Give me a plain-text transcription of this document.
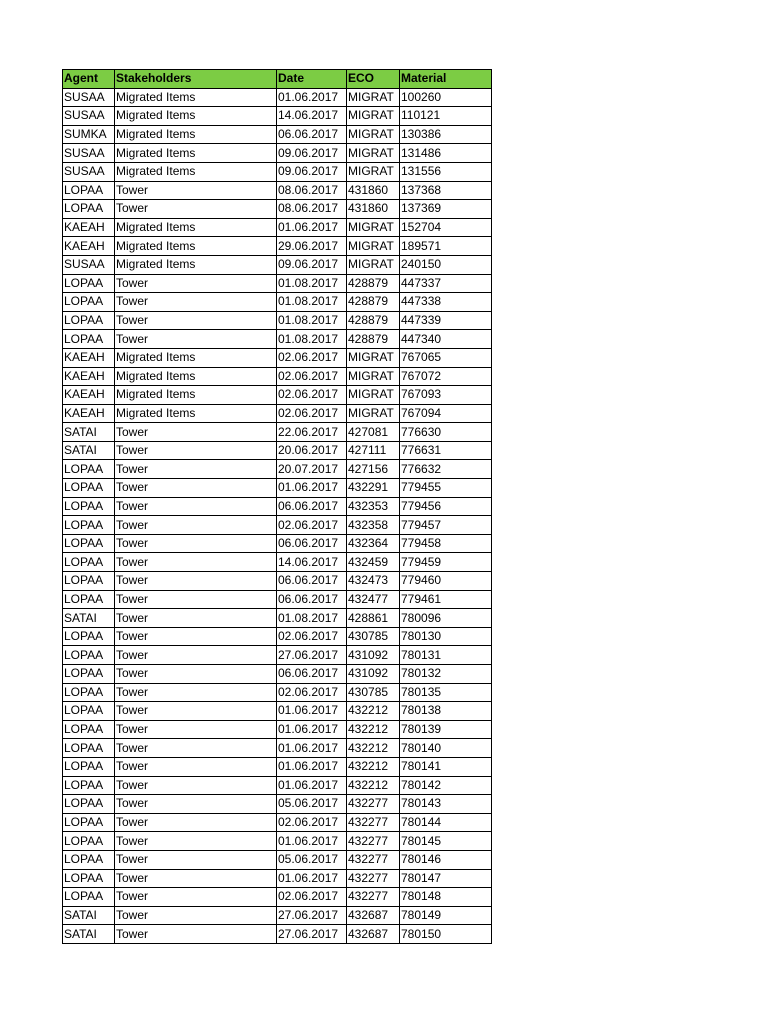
Agent	Stakeholders	Date	ECO	Material
SUSAA	Migrated Items	01.06.2017	MIGRAT	100260
SUSAA	Migrated Items	14.06.2017	MIGRAT	110121
SUMKA	Migrated Items	06.06.2017	MIGRAT	130386
SUSAA	Migrated Items	09.06.2017	MIGRAT	131486
SUSAA	Migrated Items	09.06.2017	MIGRAT	131556
LOPAA	Tower	08.06.2017	431860	137368
LOPAA	Tower	08.06.2017	431860	137369
KAEAH	Migrated Items	01.06.2017	MIGRAT	152704
KAEAH	Migrated Items	29.06.2017	MIGRAT	189571
SUSAA	Migrated Items	09.06.2017	MIGRAT	240150
LOPAA	Tower	01.08.2017	428879	447337
LOPAA	Tower	01.08.2017	428879	447338
LOPAA	Tower	01.08.2017	428879	447339
LOPAA	Tower	01.08.2017	428879	447340
KAEAH	Migrated Items	02.06.2017	MIGRAT	767065
KAEAH	Migrated Items	02.06.2017	MIGRAT	767072
KAEAH	Migrated Items	02.06.2017	MIGRAT	767093
KAEAH	Migrated Items	02.06.2017	MIGRAT	767094
SATAI	Tower	22.06.2017	427081	776630
SATAI	Tower	20.06.2017	427111	776631
LOPAA	Tower	20.07.2017	427156	776632
LOPAA	Tower	01.06.2017	432291	779455
LOPAA	Tower	06.06.2017	432353	779456
LOPAA	Tower	02.06.2017	432358	779457
LOPAA	Tower	06.06.2017	432364	779458
LOPAA	Tower	14.06.2017	432459	779459
LOPAA	Tower	06.06.2017	432473	779460
LOPAA	Tower	06.06.2017	432477	779461
SATAI	Tower	01.08.2017	428861	780096
LOPAA	Tower	02.06.2017	430785	780130
LOPAA	Tower	27.06.2017	431092	780131
LOPAA	Tower	06.06.2017	431092	780132
LOPAA	Tower	02.06.2017	430785	780135
LOPAA	Tower	01.06.2017	432212	780138
LOPAA	Tower	01.06.2017	432212	780139
LOPAA	Tower	01.06.2017	432212	780140
LOPAA	Tower	01.06.2017	432212	780141
LOPAA	Tower	01.06.2017	432212	780142
LOPAA	Tower	05.06.2017	432277	780143
LOPAA	Tower	02.06.2017	432277	780144
LOPAA	Tower	01.06.2017	432277	780145
LOPAA	Tower	05.06.2017	432277	780146
LOPAA	Tower	01.06.2017	432277	780147
LOPAA	Tower	02.06.2017	432277	780148
SATAI	Tower	27.06.2017	432687	780149
SATAI	Tower	27.06.2017	432687	780150
